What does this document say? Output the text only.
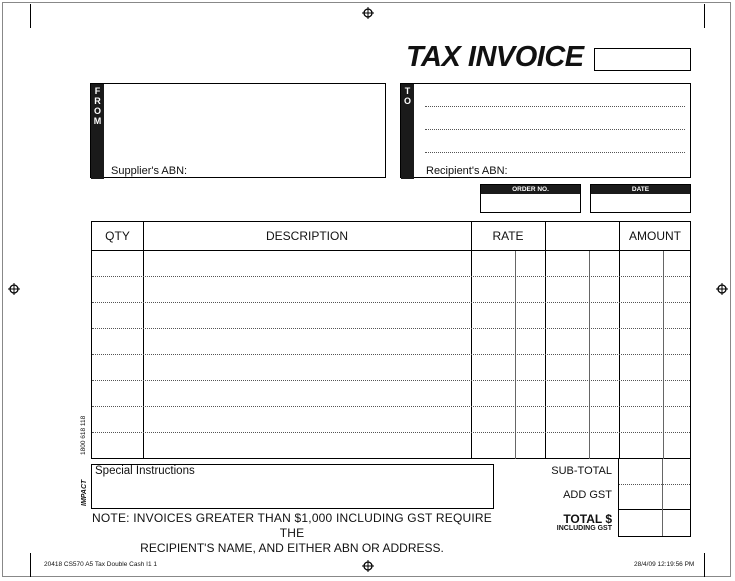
TAX INVOICE
F
R
O
M
Supplier's ABN:
T
O
Recipient's ABN:
ORDER NO.	DATE
QTY	DESCRIPTION	RATE	AMOUNT
1800 618 118
IMPACT
Special Instructions
NOTE: INVOICES GREATER THAN $1,000 INCLUDING GST REQUIRE THE
RECIPIENT'S NAME, AND EITHER ABN OR ADDRESS.
SUB-TOTAL
ADD GST
TOTAL $
INCLUDING GST
20418 CS570 A5 Tax Double Cash I1 1	28/4/09 12:19:56 PM
